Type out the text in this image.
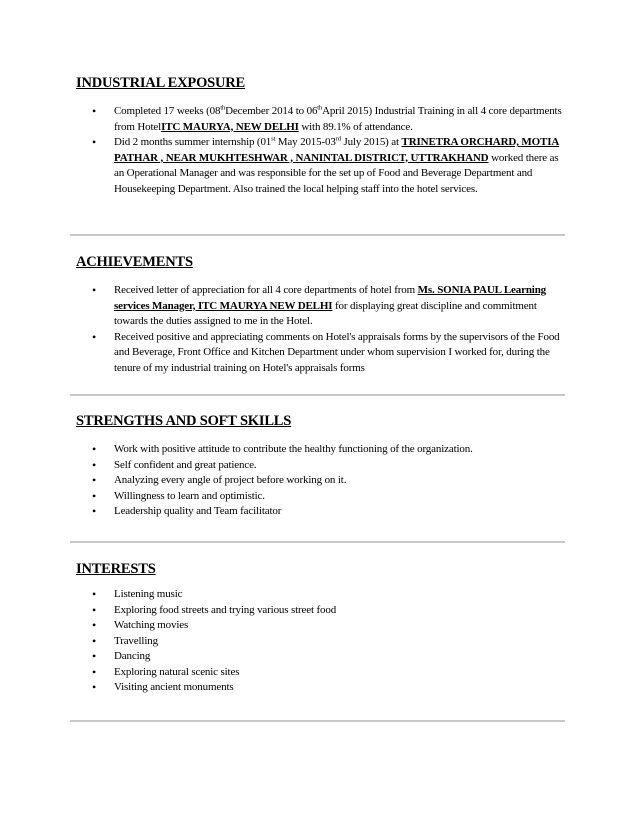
INDUSTRIAL EXPOSURE
• Completed 17 weeks (08thDecember 2014 to 06thApril 2015) Industrial Training in all 4 core departments from HotelITC MAURYA, NEW DELHI with 89.1% of attendance.
• Did 2 months summer internship (01st May 2015-03rd July 2015) at TRINETRA ORCHARD, MOTIA PATHAR , NEAR MUKHTESHWAR , NANINTAL DISTRICT, UTTRAKHAND worked there as an Operational Manager and was responsible for the set up of Food and Beverage Department and Housekeeping Department. Also trained the local helping staff into the hotel services.
ACHIEVEMENTS
• Received letter of appreciation for all 4 core departments of hotel from Ms. SONIA PAUL Learning services Manager, ITC MAURYA NEW DELHI for displaying great discipline and commitment towards the duties assigned to me in the Hotel.
• Received positive and appreciating comments on Hotel's appraisals forms by the supervisors of the Food and Beverage, Front Office and Kitchen Department under whom supervision I worked for, during the tenure of my industrial training on Hotel's appraisals forms
STRENGTHS AND SOFT SKILLS
• Work with positive attitude to contribute the healthy functioning of the organization.
• Self confident and great patience.
• Analyzing every angle of project before working on it.
• Willingness to learn and optimistic.
• Leadership quality and Team facilitator
INTERESTS
• Listening music
• Exploring food streets and trying various street food
• Watching movies
• Travelling
• Dancing
• Exploring natural scenic sites
• Visiting ancient monuments
